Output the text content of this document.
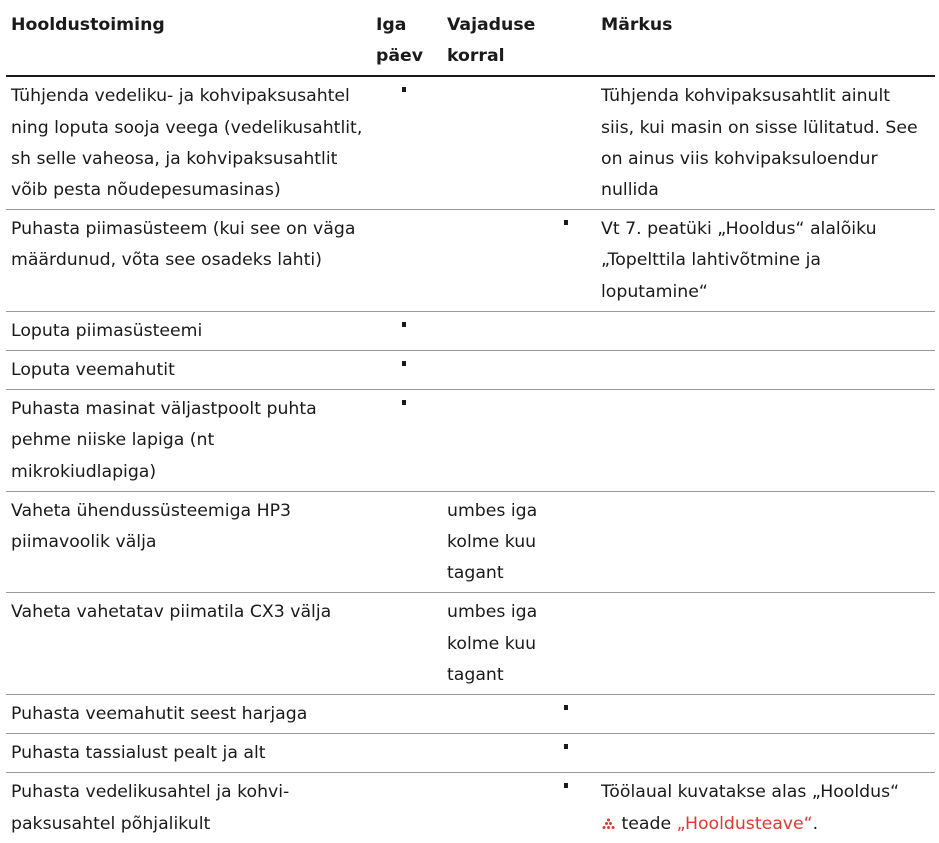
Hooldustoiming	Iga päev	Vajaduse korral	Märkus
Tühjenda vedeliku- ja kohvipaksusahtel ning loputa sooja veega (vedelikusahtlit, sh selle vaheosa, ja kohvipaksusahtlit võib pesta nõudepesumasinas)			Tühjenda kohvipaksusahtlit ainult siis, kui masin on sisse lülitatud. See on ainus viis kohvipaksuloendur nullida
Puhasta piimasüsteem (kui see on väga määrdunud, võta see osadeks lahti)			Vt 7. peatüki „Hooldus“ alalõiku „Topelttila lahtivõtmine ja loputamine“
Loputa piimasüsteemi			
Loputa veemahutit			
Puhasta masinat väljastpoolt puhta pehme niiske lapiga (nt mikrokiudlapiga)			
Vaheta ühendussüsteemiga HP3 piimavoolik välja		umbes iga kolme kuu tagant	
Vaheta vahetatav piimatila CX3 välja		umbes iga kolme kuu tagant	
Puhasta veemahutit seest harjaga			
Puhasta tassialust pealt ja alt			
Puhasta vedelikusahtel ja kohvipaksusahtel põhjalikult			Töölaual kuvatakse alas „Hooldus“
teade „Hooldusteave“.
